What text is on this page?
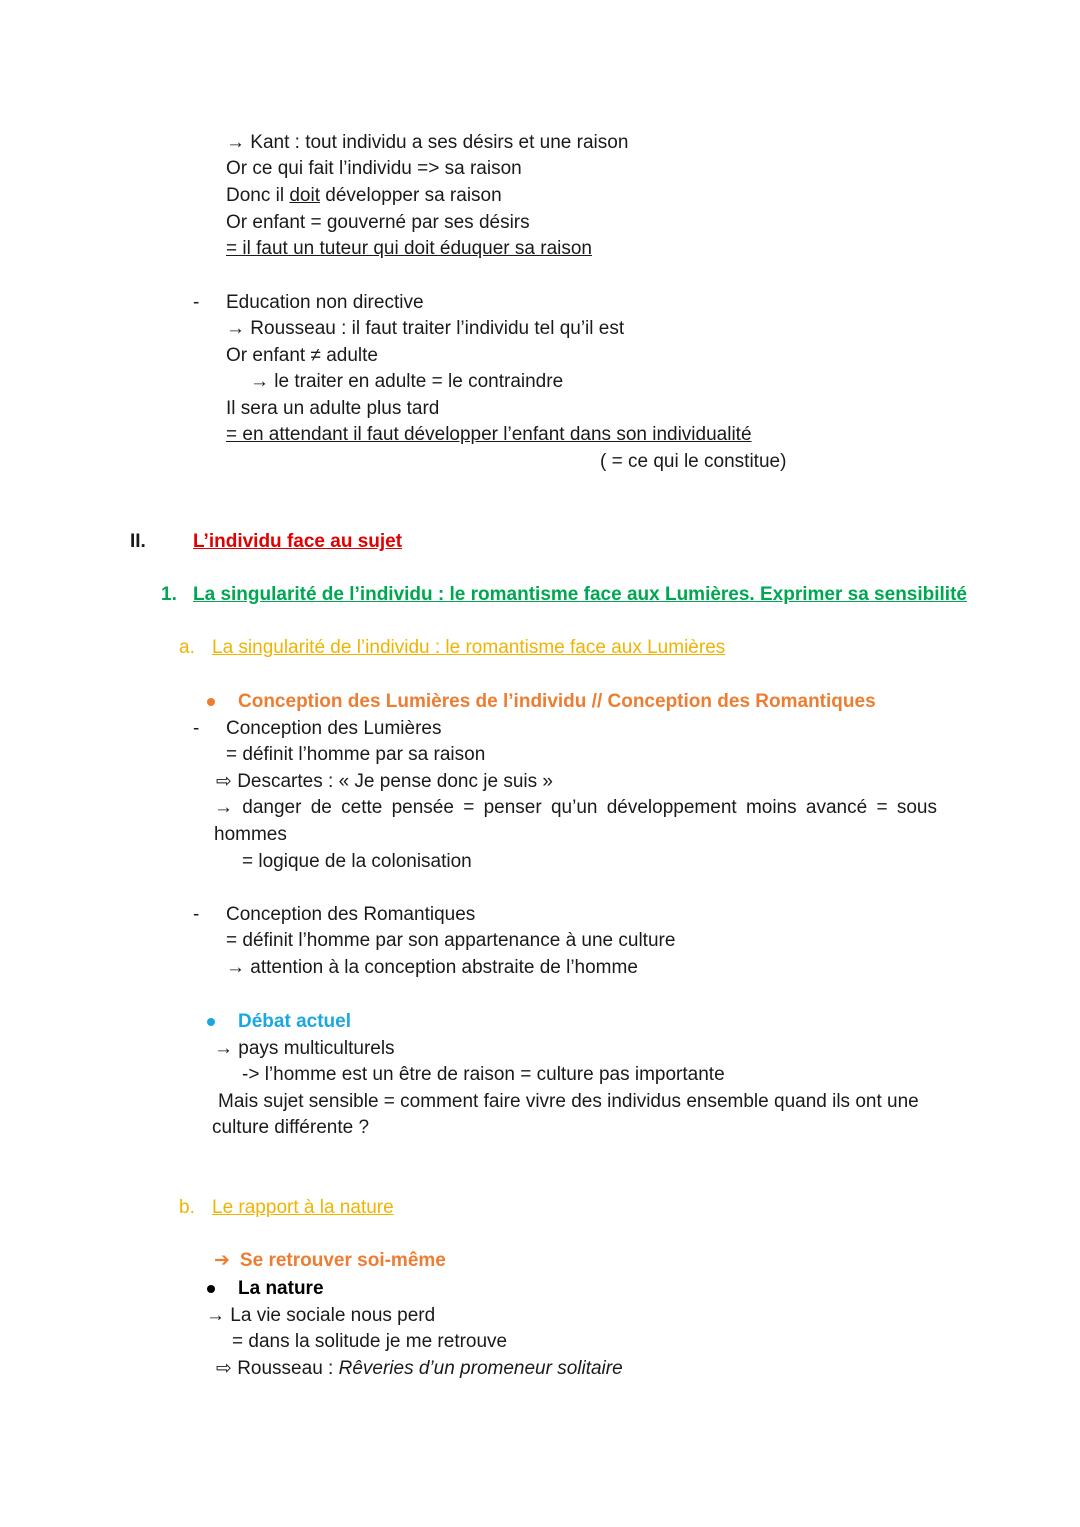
→ Kant : tout individu a ses désirs et une raison
Or ce qui fait l’individu => sa raison
Donc il doit développer sa raison
Or enfant = gouverné par ses désirs
= il faut un tuteur qui doit éduquer sa raison
- Education non directive
→ Rousseau : il faut traiter l’individu tel qu’il est
Or enfant ≠ adulte
→ le traiter en adulte = le contraindre
Il sera un adulte plus tard
= en attendant il faut développer l’enfant dans son individualité
( = ce qui le constitue)
II. L’individu face au sujet
1. La singularité de l’individu : le romantisme face aux Lumières. Exprimer sa sensibilité
a. La singularité de l’individu : le romantisme face aux Lumières
Conception des Lumières de l’individu // Conception des Romantiques
- Conception des Lumières
= définit l’homme par sa raison
⇨ Descartes : « Je pense donc je suis »
→ danger de cette pensée = penser qu’un développement moins avancé = sous
hommes
= logique de la colonisation
- Conception des Romantiques
= définit l’homme par son appartenance à une culture
→ attention à la conception abstraite de l’homme
Débat actuel
→ pays multiculturels
-> l’homme est un être de raison = culture pas importante
Mais sujet sensible = comment faire vivre des individus ensemble quand ils ont une
culture différente ?
b. Le rapport à la nature
➔ Se retrouver soi-même
La nature
→ La vie sociale nous perd
= dans la solitude je me retrouve
⇨ Rousseau : Rêveries d’un promeneur solitaire
